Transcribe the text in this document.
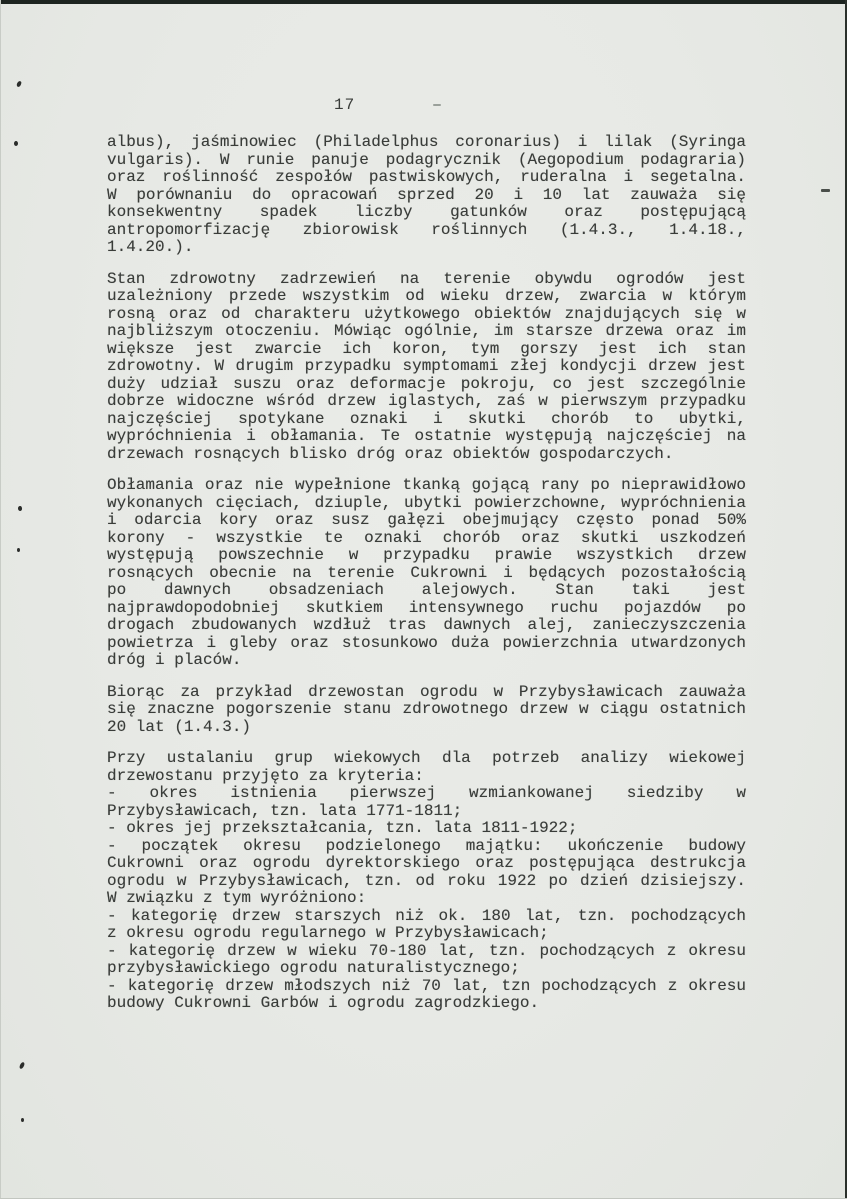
17
albus), jaśminowiec (Philadelphus coronarius) i lilak (Syringa
vulgaris). W runie panuje podagrycznik (Aegopodium podagraria)
oraz roślinność zespołów pastwiskowych, ruderalna i segetalna.
W porównaniu do opracowań sprzed 20 i 10 lat zauważa się
konsekwentny spadek liczby gatunków oraz postępującą
antropomorfizację zbiorowisk roślinnych (1.4.3., 1.4.18.,
1.4.20.).
Stan zdrowotny zadrzewień na terenie obywdu ogrodów jest
uzależniony przede wszystkim od wieku drzew, zwarcia w którym
rosną oraz od charakteru użytkowego obiektów znajdujących się w
najbliższym otoczeniu. Mówiąc ogólnie, im starsze drzewa oraz im
większe jest zwarcie ich koron, tym gorszy jest ich stan
zdrowotny. W drugim przypadku symptomami złej kondycji drzew jest
duży udział suszu oraz deformacje pokroju, co jest szczególnie
dobrze widoczne wśród drzew iglastych, zaś w pierwszym przypadku
najczęściej spotykane oznaki i skutki chorób to ubytki,
wypróchnienia i obłamania. Te ostatnie występują najczęściej na
drzewach rosnących blisko dróg oraz obiektów gospodarczych.
Obłamania oraz nie wypełnione tkanką gojącą rany po nieprawidłowo
wykonanych cięciach, dziuple, ubytki powierzchowne, wypróchnienia
i odarcia kory oraz susz gałęzi obejmujący często ponad 50%
korony - wszystkie te oznaki chorób oraz skutki uszkodzeń
występują powszechnie w przypadku prawie wszystkich drzew
rosnących obecnie na terenie Cukrowni i będących pozostałością
po dawnych obsadzeniach alejowych. Stan taki jest
najprawdopodobniej skutkiem intensywnego ruchu pojazdów po
drogach zbudowanych wzdłuż tras dawnych alej, zanieczyszczenia
powietrza i gleby oraz stosunkowo duża powierzchnia utwardzonych
dróg i placów.
Biorąc za przykład drzewostan ogrodu w Przybysławicach zauważa
się znaczne pogorszenie stanu zdrowotnego drzew w ciągu ostatnich
20 lat (1.4.3.)
Przy ustalaniu grup wiekowych dla potrzeb analizy wiekowej
drzewostanu przyjęto za kryteria:
- okres istnienia pierwszej wzmiankowanej siedziby w
Przybysławicach, tzn. lata 1771-1811;
- okres jej przekształcania, tzn. lata 1811-1922;
- początek okresu podzielonego majątku: ukończenie budowy
Cukrowni oraz ogrodu dyrektorskiego oraz postępująca destrukcja
ogrodu w Przybysławicach, tzn. od roku 1922 po dzień dzisiejszy.
W związku z tym wyróżniono:
- kategorię drzew starszych niż ok. 180 lat, tzn. pochodzących
z okresu ogrodu regularnego w Przybysławicach;
- kategorię drzew w wieku 70-180 lat, tzn. pochodzących z okresu
przybysławickiego ogrodu naturalistycznego;
- kategorię drzew młodszych niż 70 lat, tzn pochodzących z okresu
budowy Cukrowni Garbów i ogrodu zagrodzkiego.
